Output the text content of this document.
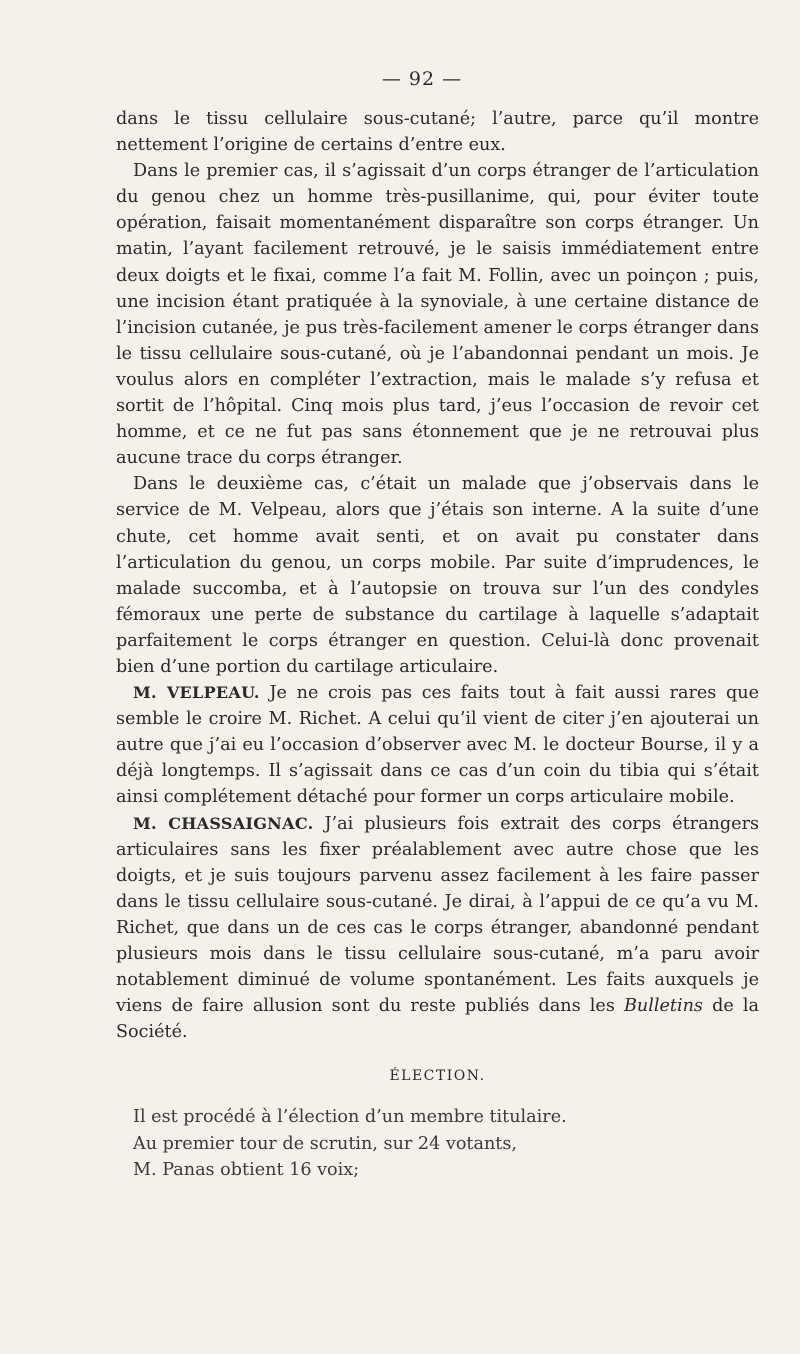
— 92 —

dans le tissu cellulaire sous-cutané; l’autre, parce qu’il montre nettement l’origine de certains d’entre eux.

Dans le premier cas, il s’agissait d’un corps étranger de l’articulation du genou chez un homme très-pusillanime, qui, pour éviter toute opération, faisait momentanément disparaître son corps étranger. Un matin, l’ayant facilement retrouvé, je le saisis immédiatement entre deux doigts et le fixai, comme l’a fait M. Follin, avec un poinçon ; puis, une incision étant pratiquée à la synoviale, à une certaine distance de l’incision cutanée, je pus très-facilement amener le corps étranger dans le tissu cellulaire sous-cutané, où je l’abandonnai pendant un mois. Je voulus alors en compléter l’extraction, mais le malade s’y refusa et sortit de l’hôpital. Cinq mois plus tard, j’eus l’occasion de revoir cet homme, et ce ne fut pas sans étonnement que je ne retrouvai plus aucune trace du corps étranger.

Dans le deuxième cas, c’était un malade que j’observais dans le service de M. Velpeau, alors que j’étais son interne. A la suite d’une chute, cet homme avait senti, et on avait pu constater dans l’articulation du genou, un corps mobile. Par suite d’imprudences, le malade succomba, et à l’autopsie on trouva sur l’un des condyles fémoraux une perte de substance du cartilage à laquelle s’adaptait parfaitement le corps étranger en question. Celui-là donc provenait bien d’une portion du cartilage articulaire.

M. VELPEAU. Je ne crois pas ces faits tout à fait aussi rares que semble le croire M. Richet. A celui qu’il vient de citer j’en ajouterai un autre que j’ai eu l’occasion d’observer avec M. le docteur Bourse, il y a déjà longtemps. Il s’agissait dans ce cas d’un coin du tibia qui s’était ainsi complétement détaché pour former un corps articulaire mobile.

M. CHASSAIGNAC. J’ai plusieurs fois extrait des corps étrangers articulaires sans les fixer préalablement avec autre chose que les doigts, et je suis toujours parvenu assez facilement à les faire passer dans le tissu cellulaire sous-cutané. Je dirai, à l’appui de ce qu’a vu M. Richet, que dans un de ces cas le corps étranger, abandonné pendant plusieurs mois dans le tissu cellulaire sous-cutané, m’a paru avoir notablement diminué de volume spontanément. Les faits auxquels je viens de faire allusion sont du reste publiés dans les Bulletins de la Société.

ÉLECTION.
Il est procédé à l’élection d’un membre titulaire.
Au premier tour de scrutin, sur 24 votants,
M. Panas obtient 16 voix;
